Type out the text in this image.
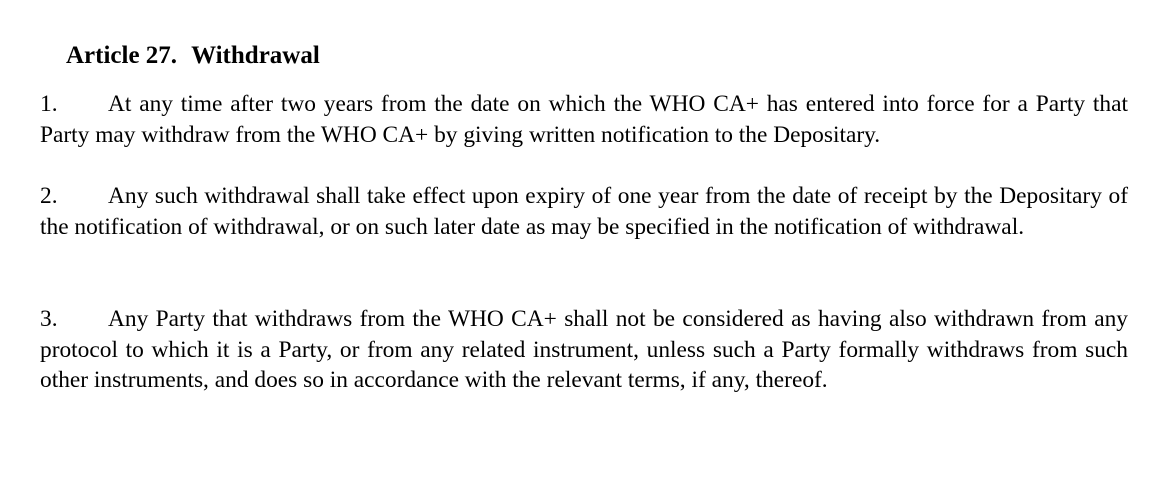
Article 27. Withdrawal

1. At any time after two years from the date on which the WHO CA+ has entered into force for a Party that Party may withdraw from the WHO CA+ by giving written notification to the Depositary.

2. Any such withdrawal shall take effect upon expiry of one year from the date of receipt by the Depositary of the notification of withdrawal, or on such later date as may be specified in the notification of withdrawal.

3. Any Party that withdraws from the WHO CA+ shall not be considered as having also withdrawn from any protocol to which it is a Party, or from any related instrument, unless such a Party formally withdraws from such other instruments, and does so in accordance with the relevant terms, if any, thereof.
